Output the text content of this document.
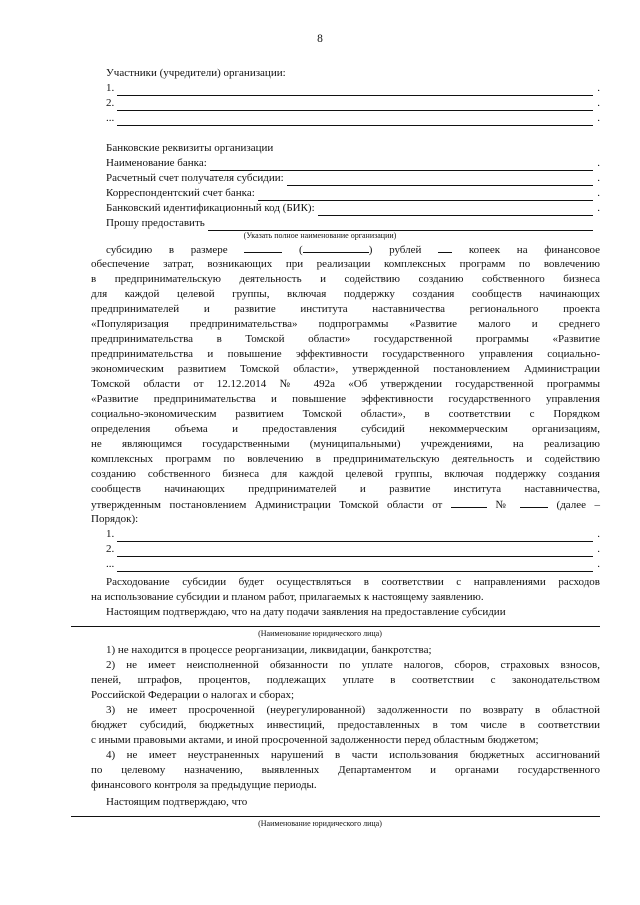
8
Участники (учредители) организации:
1.	.
2.	.
...	.
Банковские реквизиты организации
Наименование банка:	.
Расчетный счет получателя субсидии:	.
Корреспондентский счет банка:	.
Банковский идентификационный код (БИК):	.
Прошу предоставить
(Указать полное наименование организации)
субсидию в размере	(	) рублей	копеек на финансовое
обеспечение затрат, возникающих при реализации комплексных программ по вовлечению
в предпринимательскую деятельность и содействию созданию собственного бизнеса
для каждой целевой группы, включая поддержку создания сообществ начинающих
предпринимателей и развитие института наставничества регионального проекта
«Популяризация предпринимательства» подпрограммы «Развитие малого и среднего
предпринимательства в Томской области» государственной программы «Развитие
предпринимательства и повышение эффективности государственного управления социально-
экономическим развитием Томской области», утвержденной постановлением Администрации
Томской области от 12.12.2014 № 492а «Об утверждении государственной программы
«Развитие предпринимательства и повышение эффективности государственного управления
социально-экономическим развитием Томской области», в соответствии с Порядком
определения объема и предоставления субсидий некоммерческим организациям,
не являющимся государственными (муниципальными) учреждениями, на реализацию
комплексных программ по вовлечению в предпринимательскую деятельность и содействию
созданию собственного бизнеса для каждой целевой группы, включая поддержку создания
сообществ начинающих предпринимателей и развитие института наставничества,
утвержденным постановлением Администрации Томской области от	№	(далее –
Порядок):
1.	.
2.	.
...	.
Расходование субсидии будет осуществляться в соответствии с направлениями расходов
на использование субсидии и планом работ, прилагаемых к настоящему заявлению.
Настоящим подтверждаю, что на дату подачи заявления на предоставление субсидии
(Наименование юридического лица)
1) не находится в процессе реорганизации, ликвидации, банкротства;
2) не имеет неисполненной обязанности по уплате налогов, сборов, страховых взносов,
пеней, штрафов, процентов, подлежащих уплате в соответствии с законодательством
Российской Федерации о налогах и сборах;
3) не имеет просроченной (неурегулированной) задолженности по возврату в областной
бюджет субсидий, бюджетных инвестиций, предоставленных в том числе в соответствии
с иными правовыми актами, и иной просроченной задолженности перед областным бюджетом;
4) не имеет неустраненных нарушений в части использования бюджетных ассигнований
по целевому назначению, выявленных Департаментом и органами государственного
финансового контроля за предыдущие периоды.
Настоящим подтверждаю, что
(Наименование юридического лица)
